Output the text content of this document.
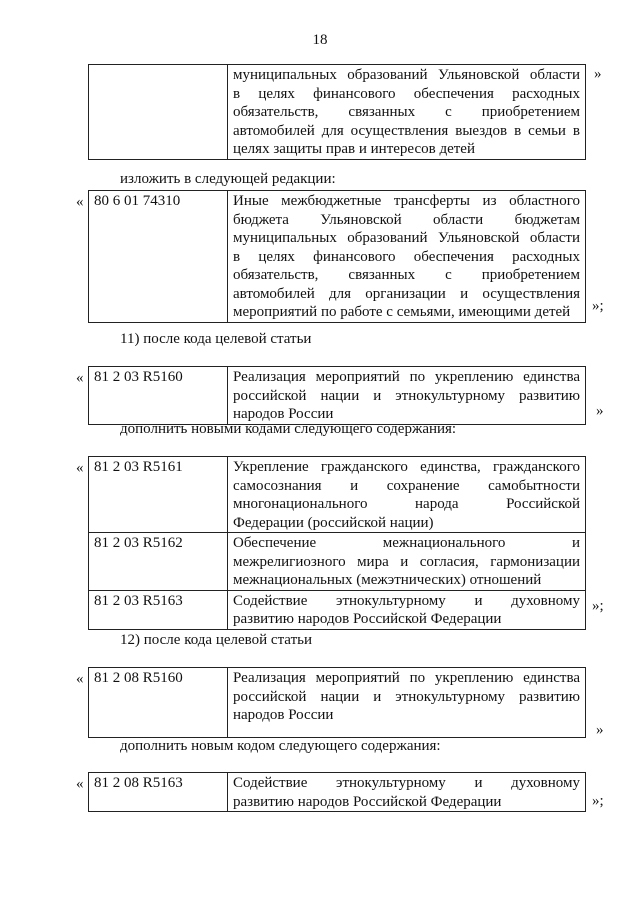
18

муниципальных образований Ульяновской области
в целях финансового обеспечения расходных
обязательств, связанных с приобретением
автомобилей для осуществления выездов в семьи в
целях защиты прав и интересов детей
»
изложить в следующей редакции:
« 80 6 01 74310	Иные межбюджетные трансферты из областного
бюджета Ульяновской области бюджетам
муниципальных образований Ульяновской области
в целях финансового обеспечения расходных
обязательств, связанных с приобретением
автомобилей для организации и осуществления
мероприятий по работе с семьями, имеющими детей	»;
11) после кода целевой статьи
« 81 2 03 R5160	Реализация мероприятий по укреплению единства
российской нации и этнокультурному развитию
народов России	»
дополнить новыми кодами следующего содержания:
« 81 2 03 R5161	Укрепление гражданского единства, гражданского
самосознания и сохранение самобытности
многонационального народа Российской
Федерации (российской нации)

81 2 03 R5162	Обеспечение межнационального и
межрелигиозного мира и согласия, гармонизации
межнациональных (межэтнических) отношений

81 2 03 R5163	Содействие этнокультурному и духовному
развитию народов Российской Федерации
»;
12) после кода целевой статьи
« 81 2 08 R5160	Реализация мероприятий по укреплению единства
российской нации и этнокультурному развитию
народов России
»
дополнить новым кодом следующего содержания:
« 81 2 08 R5163	Содействие этнокультурному и духовному
развитию народов Российской Федерации	»;
